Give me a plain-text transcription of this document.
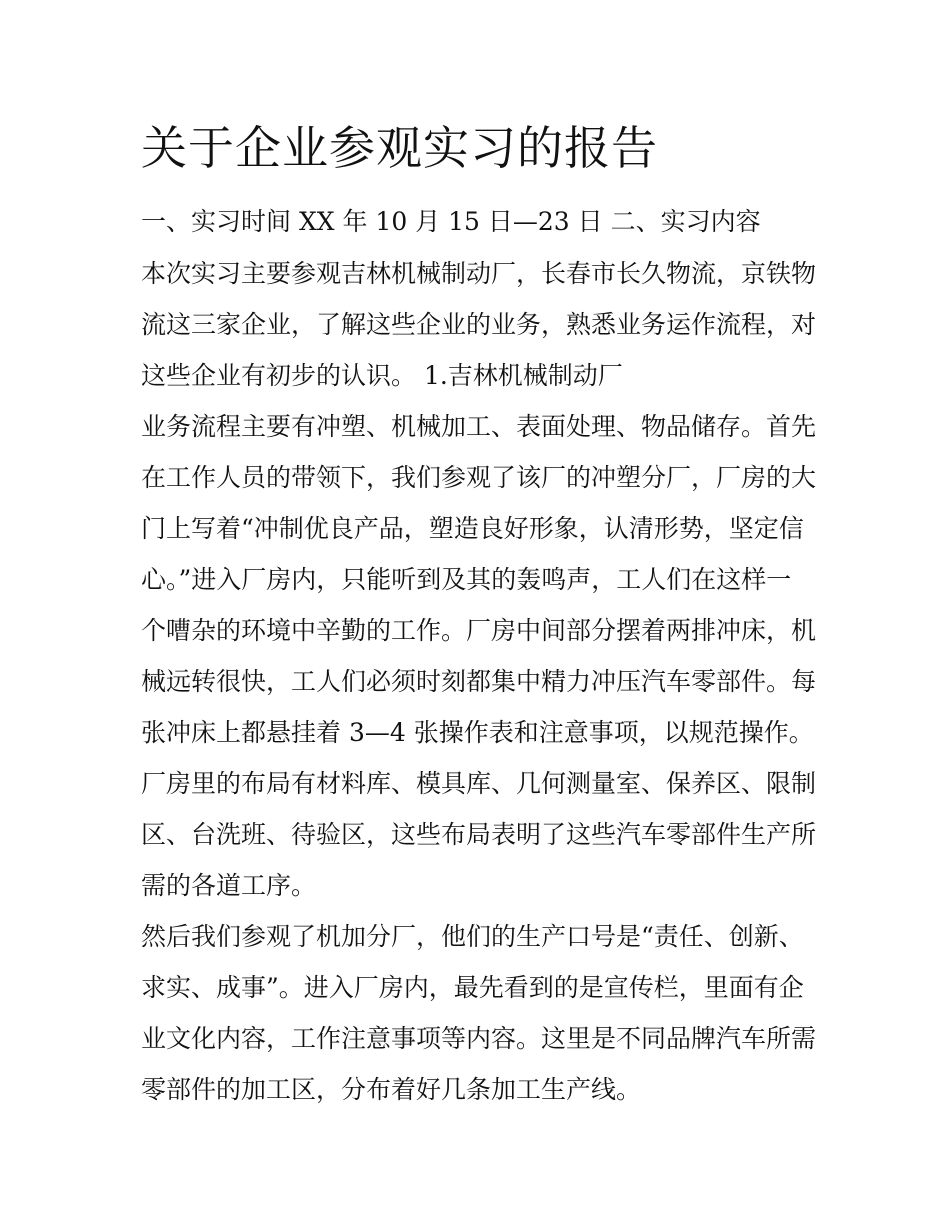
关于企业参观实习的报告

一、实习时间 XX 年 10 月 15 日—23 日 二、实习内容

本次实习主要参观吉林机械制动厂，长春市长久物流，京铁物

流这三家企业，了解这些企业的业务，熟悉业务运作流程，对

这些企业有初步的认识。 1.吉林机械制动厂

业务流程主要有冲塑、机械加工、表面处理、物品储存。首先

在工作人员的带领下，我们参观了该厂的冲塑分厂，厂房的大

门上写着“冲制优良产品，塑造良好形象，认清形势，坚定信

心。”进入厂房内，只能听到及其的轰鸣声，工人们在这样一

个嘈杂的环境中辛勤的工作。厂房中间部分摆着两排冲床，机

械远转很快，工人们必须时刻都集中精力冲压汽车零部件。每

张冲床上都悬挂着 3—4 张操作表和注意事项，以规范操作。

厂房里的布局有材料库、模具库、几何测量室、保养区、限制

区、台洗班、待验区，这些布局表明了这些汽车零部件生产所

需的各道工序。

然后我们参观了机加分厂，他们的生产口号是“责任、创新、

求实、成事”。进入厂房内，最先看到的是宣传栏，里面有企

业文化内容，工作注意事项等内容。这里是不同品牌汽车所需

零部件的加工区，分布着好几条加工生产线。
